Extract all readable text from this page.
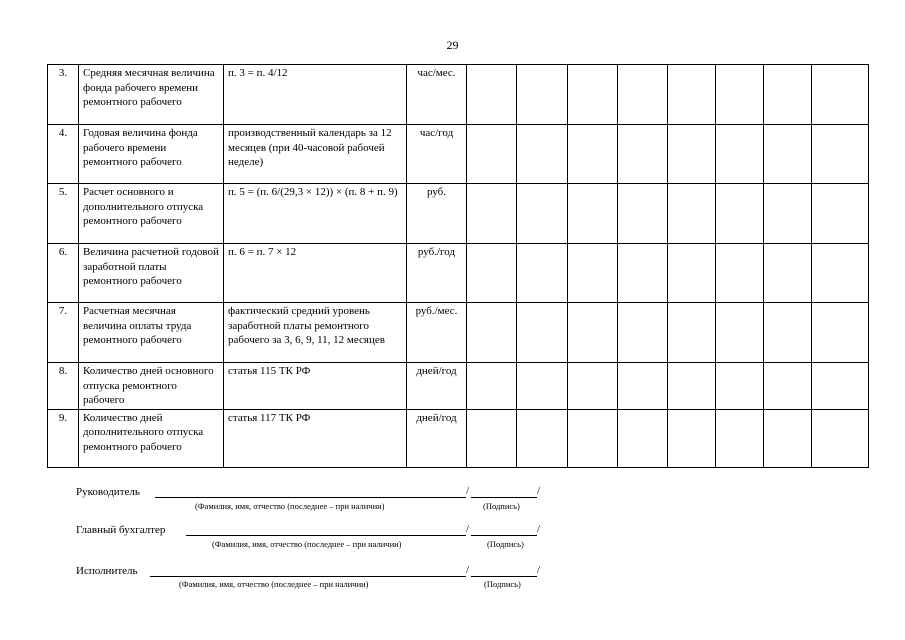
29
3.	Средняя месячная величина фонда рабочего времени ремонтного рабочего	п. 3 = п. 4/12	час/мес.								
4.	Годовая величина фонда рабочего времени ремонтного рабочего	производственный календарь за 12 месяцев (при 40-часовой рабочей неделе)	час/год								
5.	Расчет основного и дополнительного отпуска ремонтного рабочего	п. 5 = (п. 6/(29,3 × 12)) × (п. 8 + п. 9)	руб.								
6.	Величина расчетной годовой заработной платы ремонтного рабочего	п. 6 = п. 7 × 12	руб./год								
7.	Расчетная месячная величина оплаты труда ремонтного рабочего	фактический средний уровень заработной платы ремонтного рабочего за 3, 6, 9, 11, 12 месяцев	руб./мес.								
8.	Количество дней основного отпуска ремонтного рабочего	статья 115 ТК РФ	дней/год								
9.	Количество дней дополнительного отпуска ремонтного рабочего	статья 117 ТК РФ	дней/год								
Руководитель	/	/
(Фамилия, имя, отчество (последнее – при наличии)	(Подпись)
Главный бухгалтер	/	/
(Фамилия, имя, отчество (последнее – при наличии)	(Подпись)
Исполнитель	/	/
(Фамилия, имя, отчество (последнее – при наличии)	(Подпись)
